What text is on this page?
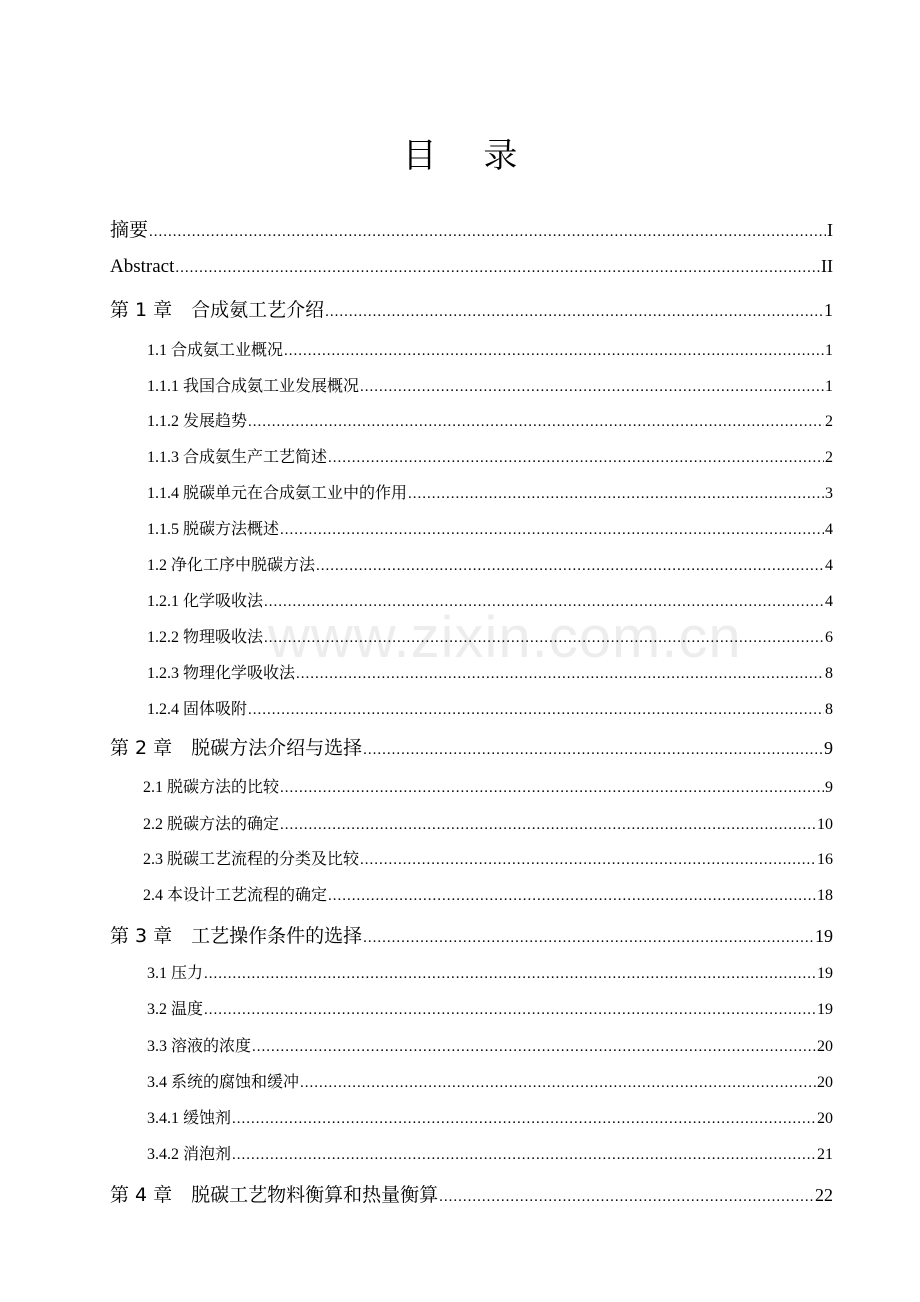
目 录
摘要 .....	I
Abstract .....	II
第 1 章　合成氨工艺介绍 .....	1
1.1 合成氨工业概况 .....	1
1.1.1 我国合成氨工业发展概况 .....	1
1.1.2 发展趋势 .....	2
1.1.3 合成氨生产工艺简述 .....	2
1.1.4 脱碳单元在合成氨工业中的作用 .....	3
1.1.5 脱碳方法概述 .....	4
1.2 净化工序中脱碳方法 .....	4
1.2.1 化学吸收法 .....	4
1.2.2 物理吸收法 .....	6
1.2.3 物理化学吸收法 .....	8
1.2.4 固体吸附 .....	8
第 2 章　脱碳方法介绍与选择 .....	9
2.1 脱碳方法的比较 .....	9
2.2 脱碳方法的确定 .....	10
2.3 脱碳工艺流程的分类及比较 .....	16
2.4 本设计工艺流程的确定 .....	18
第 3 章　工艺操作条件的选择 .....	19
3.1 压力 .....	19
3.2 温度 .....	19
3.3 溶液的浓度 .....	20
3.4 系统的腐蚀和缓冲 .....	20
3.4.1 缓蚀剂 .....	20
3.4.2 消泡剂 .....	21
第 4 章　脱碳工艺物料衡算和热量衡算 .....	22
www.zixin.com.cn
